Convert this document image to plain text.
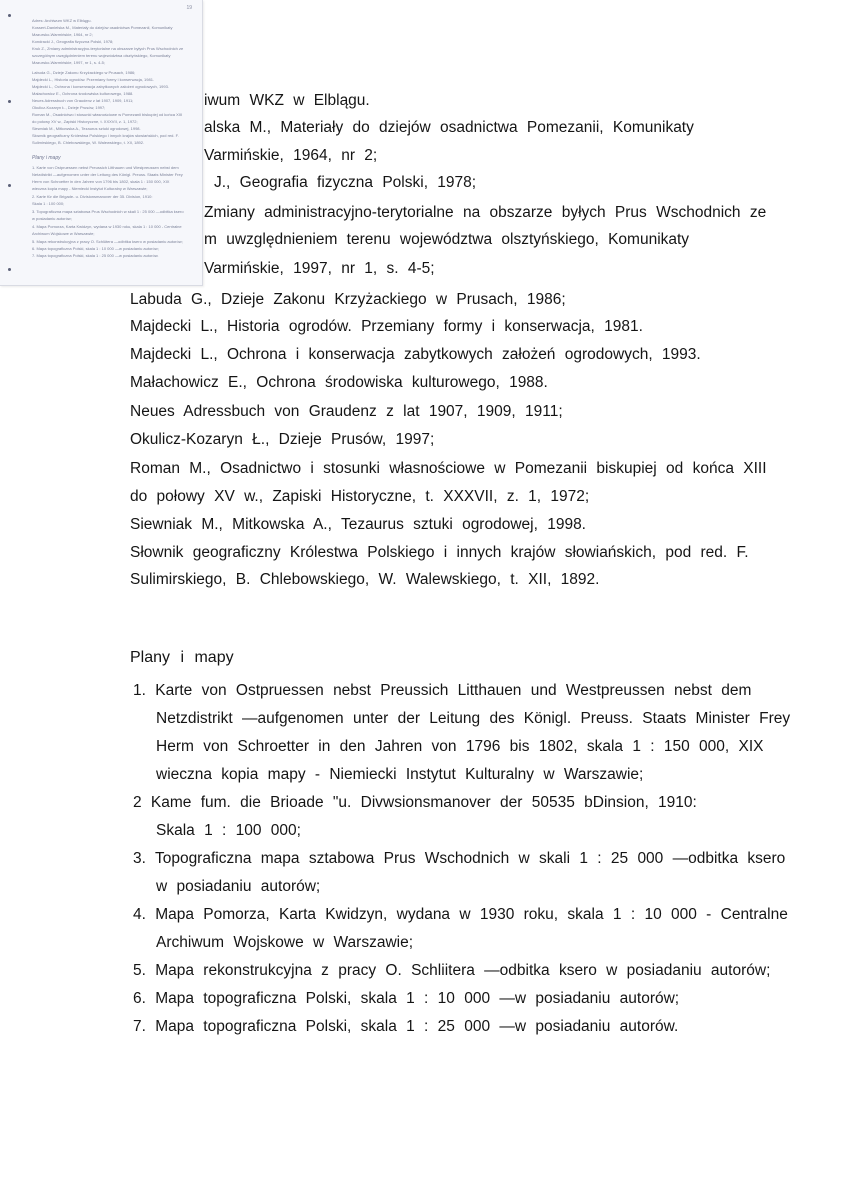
iwum WKZ w Elblągu.
alska M., Materiały do dziejów osadnictwa Pomezanii, Komunikaty
Varmińskie, 1964, nr 2;
J., Geografia fizyczna Polski, 1978;
Zmiany administracyjno-terytorialne na obszarze byłych Prus Wschodnich ze
m uwzględnieniem terenu województwa olsztyńskiego, Komunikaty
Varmińskie, 1997, nr 1, s. 4-5;
Labuda G., Dzieje Zakonu Krzyżackiego w Prusach, 1986;
Majdecki L., Historia ogrodów. Przemiany formy i konserwacja, 1981.
Majdecki L., Ochrona i konserwacja zabytkowych założeń ogrodowych, 1993.
Małachowicz E., Ochrona środowiska kulturowego, 1988.
Neues Adressbuch von Graudenz z lat 1907, 1909, 1911;
Okulicz-Kozaryn Ł., Dzieje Prusów, 1997;
Roman M., Osadnictwo i stosunki własnościowe w Pomezanii biskupiej od końca XIII
do połowy XV w., Zapiski Historyczne, t. XXXVII, z. 1, 1972;
Siewniak M., Mitkowska A., Tezaurus sztuki ogrodowej, 1998.
Słownik geograficzny Królestwa Polskiego i innych krajów słowiańskich, pod red. F.
Sulimirskiego, B. Chlebowskiego, W. Walewskiego, t. XII, 1892.
Plany i mapy
1. Karte von Ostpruessen nebst Preussich Litthauen und Westpreussen nebst dem
Netzdistrikt —aufgenomen unter der Leitung des Königl. Preuss. Staats Minister Frey
Herm von Schroetter in den Jahren von 1796 bis 1802, skala 1 : 150 000, XIX
wieczna kopia mapy - Niemiecki Instytut Kulturalny w Warszawie;
2 Kame fum. die Brioade "u. Divwsionsmanover der 50535 bDinsion, 1910:
Skala 1 : 100 000;
3. Topograficzna mapa sztabowa Prus Wschodnich w skali 1 : 25 000 —odbitka ksero
w posiadaniu autorów;
4. Mapa Pomorza, Karta Kwidzyn, wydana w 1930 roku, skala 1 : 10 000 - Centralne
Archiwum Wojskowe w Warszawie;
5. Mapa rekonstrukcyjna z pracy O. Schliitera —odbitka ksero w posiadaniu autorów;
6. Mapa topograficzna Polski, skala 1 : 10 000 —w posiadaniu autorów;
7. Mapa topograficzna Polski, skala 1 : 25 000 —w posiadaniu autorów.
19
Adres: Archiwum WKZ w Elblągu.
Kossert-Danielska M., Materiały do dziejów osadnictwa Pomezanii, Komunikaty
Mazursko-Warmińskie, 1964, nr 2;
Kondracki J., Geografia fizyczna Polski, 1978;
Kruk Z., Zmiany administracyjno-terytorialne na obszarze byłych Prus Wschodnich ze
szczególnym uwzględnieniem terenu województwa olsztyńskiego, Komunikaty
Mazursko-Warmińskie, 1997, nr 1, s. 4-5;
Labuda G., Dzieje Zakonu Krzyżackiego w Prusach, 1986;
Majdecki L., Historia ogrodów. Przemiany formy i konserwacja, 1981.
Majdecki L., Ochrona i konserwacja zabytkowych założeń ogrodowych, 1993.
Małachowicz E., Ochrona środowiska kulturowego, 1988.
Neues Adressbuch von Graudenz z lat 1907, 1909, 1911;
Okulicz-Kozaryn Ł., Dzieje Prusów, 1997;
Roman M., Osadnictwo i stosunki własnościowe w Pomezanii biskupiej od końca XIII
do połowy XV w., Zapiski Historyczne, t. XXXVII, z. 1, 1972;
Siewniak M., Mitkowska A., Tezaurus sztuki ogrodowej, 1998.
Słownik geograficzny Królestwa Polskiego i innych krajów słowiańskich, pod red. F.
Sulimirskiego, B. Chlebowskiego, W. Walewskiego, t. XII, 1892.
Plany i mapy
1. Karte von Ostpruessen nebst Preussich Litthauen und Westpreussen nebst dem
Netzdistrikt —aufgenomen unter der Leitung des Königl. Preuss. Staats Minister Frey
Herm von Schroetter in den Jahren von 1796 bis 1802, skala 1 : 150 000, XIX
wieczna kopia mapy - Niemiecki Instytut Kulturalny w Warszawie;
2. Karte für die Brigade- u. Divisionsmanover der 35. Division, 1910:
Skala 1 : 100 000;
3. Topograficzna mapa sztabowa Prus Wschodnich w skali 1 : 25 000 —odbitka ksero
w posiadaniu autorów;
4. Mapa Pomorza, Karta Kwidzyn, wydana w 1930 roku, skala 1 : 10 000 - Centralne
Archiwum Wojskowe w Warszawie;
5. Mapa rekonstrukcyjna z pracy O. Schlütera —odbitka ksero w posiadaniu autorów;
6. Mapa topograficzna Polski, skala 1 : 10 000 —w posiadaniu autorów;
7. Mapa topograficzna Polski, skala 1 : 25 000 —w posiadaniu autorów.
